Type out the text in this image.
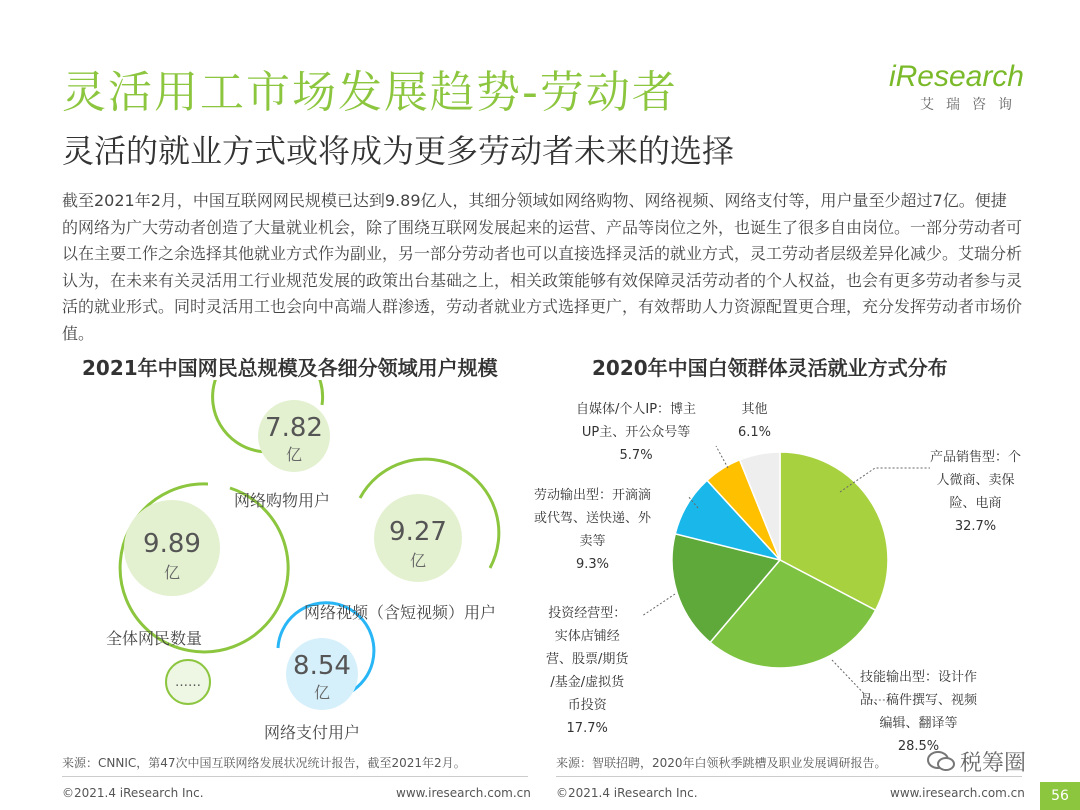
灵活用工市场发展趋势-劳动者
灵活的就业方式或将成为更多劳动者未来的选择
iResearch
艾瑞咨询
截至2021年2月，中国互联网网民规模已达到9.89亿人，其细分领域如网络购物、网络视频、网络支付等，用户量至少超过7亿。便捷的网络为广大劳动者创造了大量就业机会，除了围绕互联网发展起来的运营、产品等岗位之外，也诞生了很多自由岗位。一部分劳动者可以在主要工作之余选择其他就业方式作为副业，另一部分劳动者也可以直接选择灵活的就业方式，灵工劳动者层级差异化减少。艾瑞分析认为，在未来有关灵活用工行业规范发展的政策出台基础之上，相关政策能够有效保障灵活劳动者的个人权益，也会有更多劳动者参与灵活的就业形式。同时灵活用工也会向中高端人群渗透，劳动者就业方式选择更广，有效帮助人力资源配置更合理，充分发挥劳动者市场价值。
2021年中国网民总规模及各细分领域用户规模	2020年中国白领群体灵活就业方式分布
9.89
亿
7.82
亿
9.27
亿
8.54
亿
……
全体网民数量
网络购物用户
网络视频（含短视频）用户
网络支付用户
产品销售型：个
人微商、卖保
险、电商
32.7%
技能输出型：设计作
品、稿件撰写、视频
编辑、翻译等
28.5%
投资经营型：
实体店铺经
营、股票/期货
/基金/虚拟货
币投资
17.7%
劳动输出型：开滴滴
或代驾、送快递、外
卖等
9.3%
自媒体/个人IP：博主
UP主、开公众号等
5.7%
其他
6.1%
来源：CNNIC，第47次中国互联网络发展状况统计报告，截至2021年2月。	来源：智联招聘，2020年白领秋季跳槽及职业发展调研报告。
©2021.4 iResearch Inc.	www.iresearch.com.cn ©2021.4 iResearch Inc.	www.iresearch.com.cn	56
税筹圈
